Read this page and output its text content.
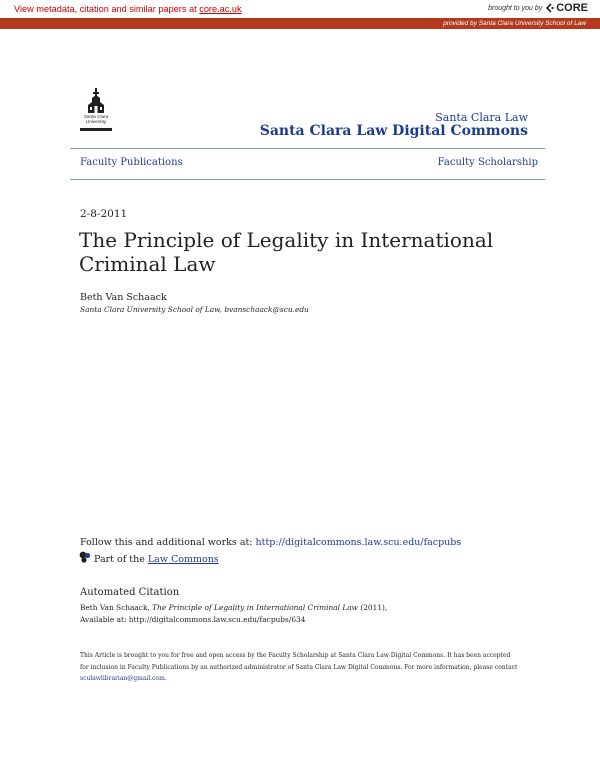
View metadata, citation and similar papers at core.ac.uk	brought to you by CORE
provided by Santa Clara University School of Law
Santa Clara
University	Santa Clara Law
Santa Clara Law Digital Commons
Faculty Publications	Faculty Scholarship
2-8-2011
The Principle of Legality in International Criminal Law
Beth Van Schaack
Santa Clara University School of Law, bvanschaack@scu.edu
Follow this and additional works at: http://digitalcommons.law.scu.edu/facpubs
Part of the Law Commons
Automated Citation
Beth Van Schaack, The Principle of Legality in International Criminal Law (2011),
Available at: http://digitalcommons.law.scu.edu/facpubs/634
This Article is brought to you for free and open access by the Faculty Scholarship at Santa Clara Law Digital Commons. It has been accepted for inclusion in Faculty Publications by an authorized administrator of Santa Clara Law Digital Commons. For more information, please contact
sculawlibrarian@gmail.com.
